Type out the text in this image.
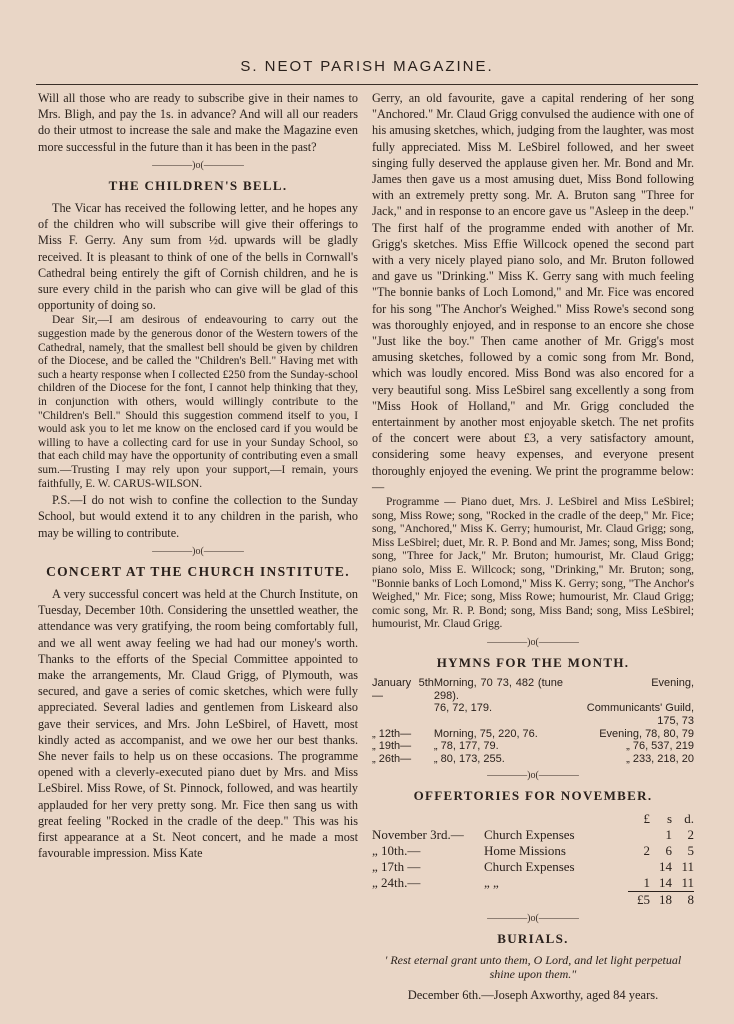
S. NEOT PARISH MAGAZINE.

Will all those who are ready to subscribe give in their names to Mrs. Bligh, and pay the 1s. in advance? And will all our readers do their utmost to increase the sale and make the Magazine even more successful in the future than it has been in the past?

————)o(————
THE CHILDREN'S BELL.

The Vicar has received the following letter, and he hopes any of the children who will subscribe will give their offerings to Miss F. Gerry. Any sum from ½d. upwards will be gladly received. It is pleasant to think of one of the bells in Cornwall's Cathedral being entirely the gift of Cornish children, and he is sure every child in the parish who can give will be glad of this opportunity of doing so.

Dear Sir,—I am desirous of endeavouring to carry out the suggestion made by the generous donor of the Western towers of the Cathedral, namely, that the smallest bell should be given by children of the Diocese, and be called the "Children's Bell." Having met with such a hearty response when I collected £250 from the Sunday-school children of the Diocese for the font, I cannot help thinking that they, in conjunction with others, would willingly contribute to the "Children's Bell." Should this suggestion commend itself to you, I would ask you to let me know on the enclosed card if you would be willing to have a collecting card for use in your Sunday School, so that each child may have the opportunity of contributing even a small sum.—Trusting I may rely upon your support,—I remain, yours faithfully, E. W. CARUS-WILSON.

P.S.—I do not wish to confine the collection to the Sunday School, but would extend it to any children in the parish, who may be willing to contribute.

————)o(————
CONCERT AT THE CHURCH INSTITUTE.

A very successful concert was held at the Church Institute, on Tuesday, December 10th. Considering the unsettled weather, the attendance was very gratifying, the room being comfortably full, and we all went away feeling we had had our money's worth. Thanks to the efforts of the Special Committee appointed to make the arrangements, Mr. Claud Grigg, of Plymouth, was secured, and gave a series of comic sketches, which were fully appreciated. Several ladies and gentlemen from Liskeard also gave their services, and Mrs. John LeSbirel, of Havett, most kindly acted as accompanist, and we owe her our best thanks. She never fails to help us on these occasions. The programme opened with a cleverly-executed piano duet by Mrs. and Miss LeSbirel. Miss Rowe, of St. Pinnock, followed, and was heartily applauded for her very pretty song. Mr. Fice then sang us with great feeling "Rocked in the cradle of the deep." This was his first appearance at a St. Neot concert, and he made a most favourable impression. Miss Kate

Gerry, an old favourite, gave a capital rendering of her song "Anchored." Mr. Claud Grigg convulsed the audience with one of his amusing sketches, which, judging from the laughter, was most fully appreciated. Miss M. LeSbirel followed, and her sweet singing fully deserved the applause given her. Mr. Bond and Mr. James then gave us a most amusing duet, Miss Bond following with an extremely pretty song. Mr. A. Bruton sang "Three for Jack," and in response to an encore gave us "Asleep in the deep." The first half of the programme ended with another of Mr. Grigg's sketches. Miss Effie Willcock opened the second part with a very nicely played piano solo, and Mr. Bruton followed and gave us "Drinking." Miss K. Gerry sang with much feeling "The bonnie banks of Loch Lomond," and Mr. Fice was encored for his song "The Anchor's Weighed." Miss Rowe's second song was thoroughly enjoyed, and in response to an encore she chose "Just like the boy." Then came another of Mr. Grigg's most amusing sketches, followed by a comic song from Mr. Bond, which was loudly encored. Miss Bond was also encored for a very beautiful song. Miss LeSbirel sang excellently a song from "Miss Hook of Holland," and Mr. Grigg concluded the entertainment by another most enjoyable sketch. The net profits of the concert were about £3, a very satisfactory amount, considering some heavy expenses, and everyone present thoroughly enjoyed the evening. We print the programme below:—

Programme — Piano duet, Mrs. J. LeSbirel and Miss LeSbirel; song, Miss Rowe; song, "Rocked in the cradle of the deep," Mr. Fice; song, "Anchored," Miss K. Gerry; humourist, Mr. Claud Grigg; song, Miss LeSbirel; duet, Mr. R. P. Bond and Mr. James; song, Miss Bond; song, "Three for Jack," Mr. Bruton; humourist, Mr. Claud Grigg; piano solo, Miss E. Willcock; song, "Drinking," Mr. Bruton; song, "Bonnie banks of Loch Lomond," Miss K. Gerry; song, "The Anchor's Weighed," Mr. Fice; song, Miss Rowe; humourist, Mr. Claud Grigg; comic song, Mr. R. P. Bond; song, Miss Band; song, Miss LeSbirel; humourist, Mr. Claud Grigg.

————)o(————
HYMNS FOR THE MONTH.
January 5th—	Morning, 70 73, 482 (tune 298).	Evening,
	76, 72, 179.	Communicants' Guild, 175, 73
„ 12th—	Morning, 75, 220, 76.	Evening, 78, 80, 79
„ 19th—	„ 78, 177, 79.	„ 76, 537, 219
„ 26th—	„ 80, 173, 255.	„ 233, 218, 20
————)o(————
OFFERTORIES FOR NOVEMBER.
		£	s	d.
November 3rd.—	Church Expenses		1	2
„ 10th.—	Home Missions	2	6	5
„ 17th —	Church Expenses		14	11
„ 24th.—	„ „	1	14	11
		£5	18	8
————)o(————
BURIALS.
' Rest eternal grant unto them, O Lord, and let light perpetual shine upon them."
December 6th.—Joseph Axworthy, aged 84 years.
